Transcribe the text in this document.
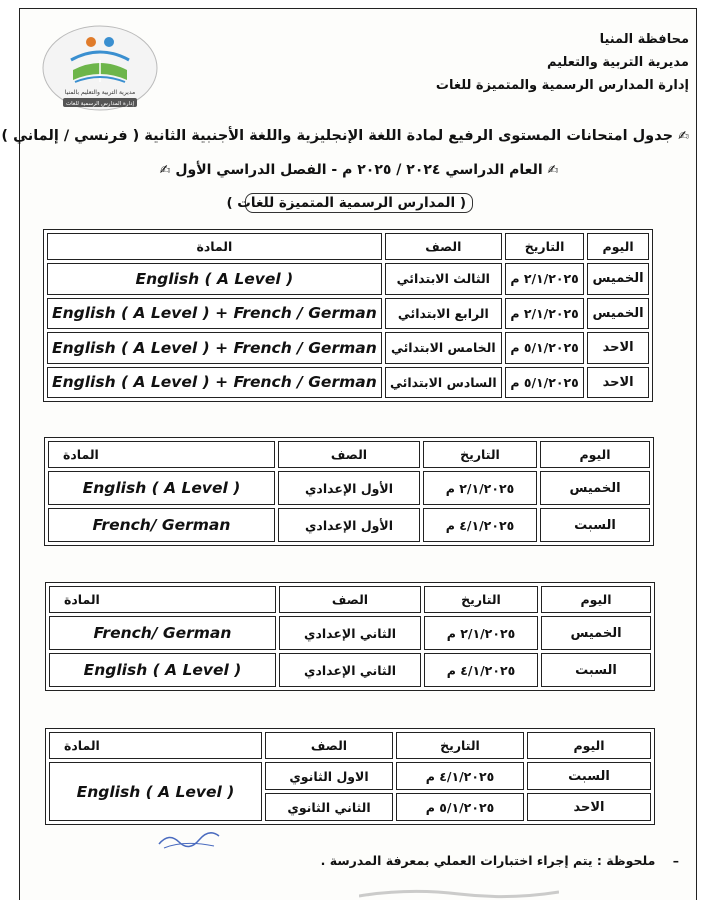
محافظة المنيا
مديرية التربية والتعليم
إدارة المدارس الرسمية والمتميزة للغات
مديرية التربية والتعليم بالمنيا
إدارة المدارس الرسمية للغات
✍ جدول امتحانات المستوى الرفيع لمادة اللغة الإنجليزية واللغة الأجنبية الثانية ( فرنسي / إلماني )
✍ العام الدراسي ٢٠٢٤ / ٢٠٢٥ م - الفصل الدراسي الأول ✍
( المدارس الرسمية المتميزة للغات )
اليوم	التاريخ	الصف	المادة
الخميس	٢/١/٢٠٢٥ م	الثالث الابتدائي	English ( A Level )
الخميس	٢/١/٢٠٢٥ م	الرابع الابتدائي	English ( A Level ) + French / German
الاحد	٥/١/٢٠٢٥ م	الخامس الابتدائي	English ( A Level ) + French / German
الاحد	٥/١/٢٠٢٥ م	السادس الابتدائي	English ( A Level ) + French / German
اليوم	التاريخ	الصف	المادة
الخميس	٢/١/٢٠٢٥ م	الأول الإعدادي	English ( A Level )
السبت	٤/١/٢٠٢٥ م	الأول الإعدادي	French/ German
اليوم	التاريخ	الصف	المادة
الخميس	٢/١/٢٠٢٥ م	الثاني الإعدادي	French/ German
السبت	٤/١/٢٠٢٥ م	الثاني الإعدادي	English ( A Level )
اليوم	التاريخ	الصف	المادة
السبت	٤/١/٢٠٢٥ م	الاول الثانوي	English ( A Level )
الاحد	٥/١/٢٠٢٥ م	الثاني الثانوي	
–    ملحوظة : يتم إجراء اختبارات العملي بمعرفة المدرسة .
